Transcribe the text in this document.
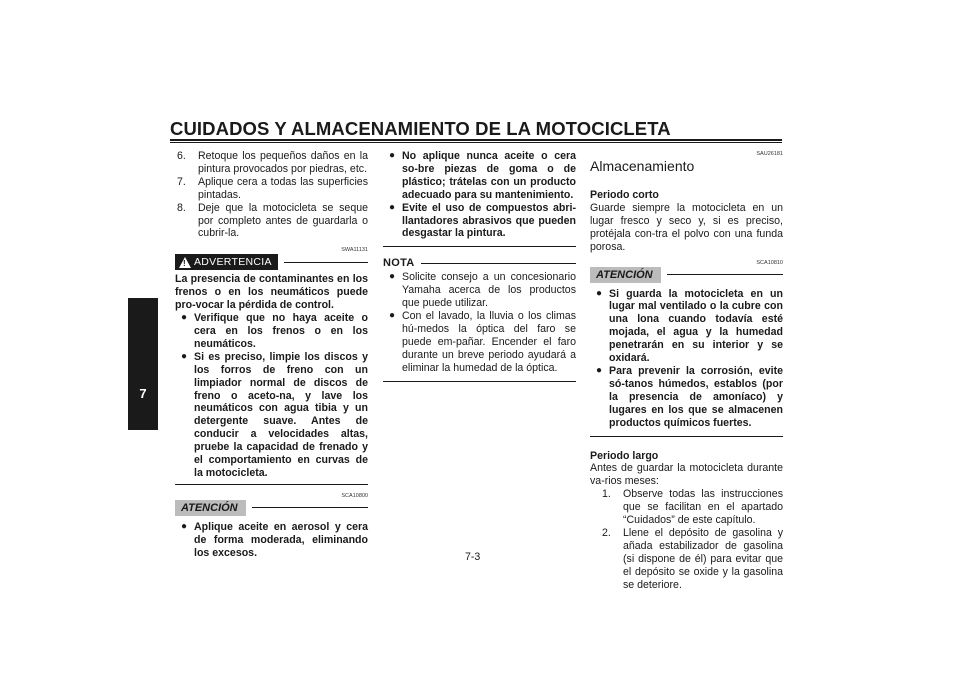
CUIDADOS Y ALMACENAMIENTO DE LA MOTOCICLETA
7
6.	Retoque los pequeños daños en la pintura provocados por piedras, etc.
7.	Aplique cera a todas las superficies pintadas.
8.	Deje que la motocicleta se seque por completo antes de guardarla o cubrir-la.
SWA11131
! ADVERTENCIA
La presencia de contaminantes en los frenos o en los neumáticos puede pro-vocar la pérdida de control.
● Verifique que no haya aceite o cera en los frenos o en los neumáticos.
● Si es preciso, limpie los discos y los forros de freno con un limpiador normal de discos de freno o aceto-na, y lave los neumáticos con agua tibia y un detergente suave. Antes de conducir a velocidades altas, pruebe la capacidad de frenado y el comportamiento en curvas de la motocicleta.
SCA10800
ATENCIÓN
● Aplique aceite en aerosol y cera de forma moderada, eliminando los excesos.
● No aplique nunca aceite o cera so-bre piezas de goma o de plástico; trátelas con un producto adecuado para su mantenimiento.
● Evite el uso de compuestos abri-llantadores abrasivos que pueden desgastar la pintura.
NOTA
● Solicite consejo a un concesionario Yamaha acerca de los productos que puede utilizar.
● Con el lavado, la lluvia o los climas hú-medos la óptica del faro se puede em-pañar. Encender el faro durante un breve periodo ayudará a eliminar la humedad de la óptica.
SAU26181
Almacenamiento
Periodo corto
Guarde siempre la motocicleta en un lugar fresco y seco y, si es preciso, protéjala con-tra el polvo con una funda porosa.
SCA10810
ATENCIÓN
● Si guarda la motocicleta en un lugar mal ventilado o la cubre con una lona cuando todavía esté mojada, el agua y la humedad penetrarán en su interior y se oxidará.
● Para prevenir la corrosión, evite só-tanos húmedos, establos (por la presencia de amoníaco) y lugares en los que se almacenen productos químicos fuertes.
Periodo largo
Antes de guardar la motocicleta durante va-rios meses:
1.	Observe todas las instrucciones que se facilitan en el apartado “Cuidados” de este capítulo.
2.	Llene el depósito de gasolina y añada estabilizador de gasolina (si dispone de él) para evitar que el depósito se oxide y la gasolina se deteriore.
7-3
